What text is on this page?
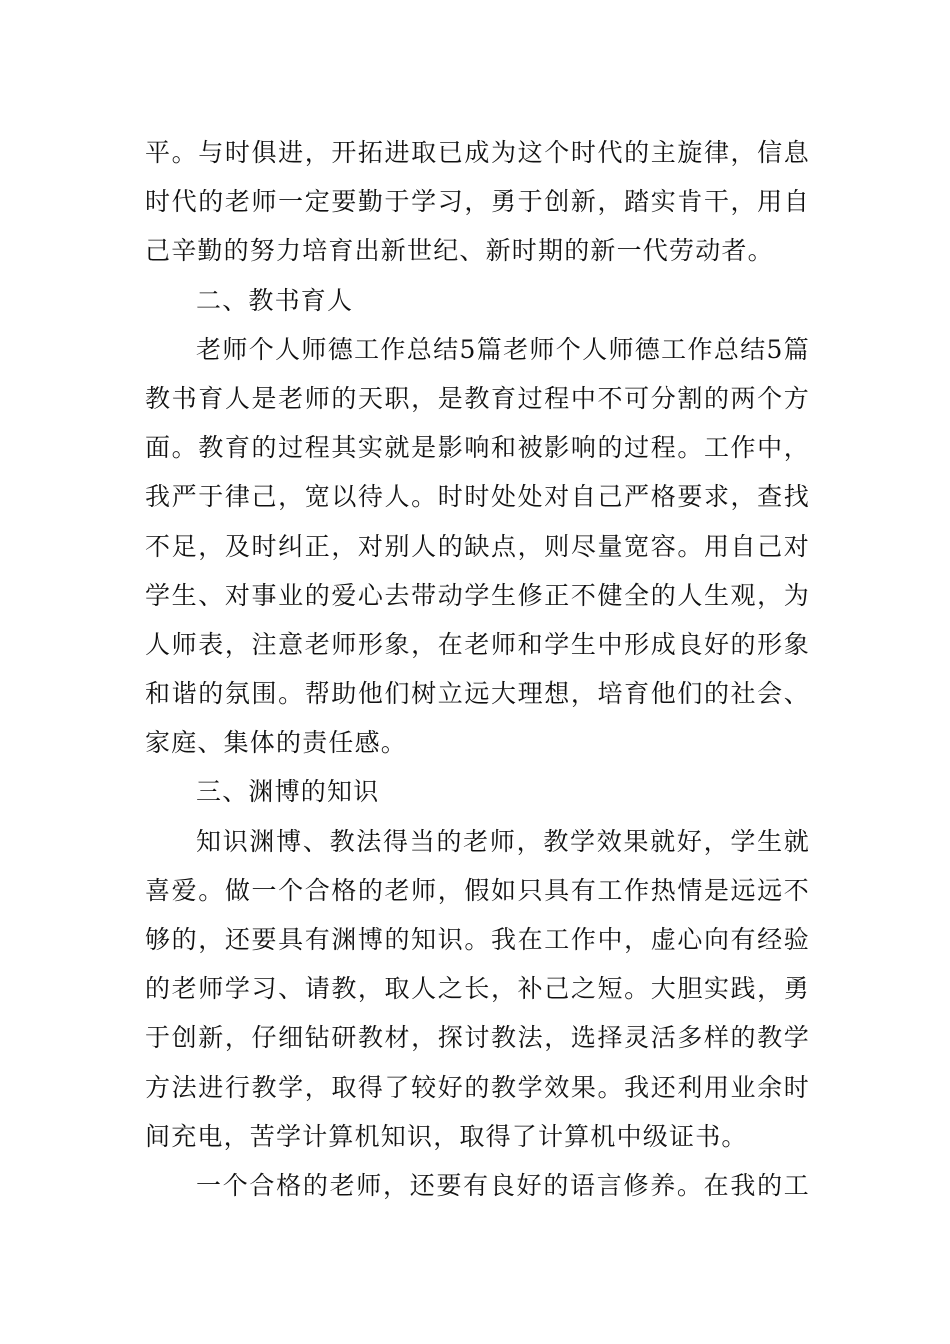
平。与时俱进，开拓进取已成为这个时代的主旋律，信息
时代的老师一定要勤于学习，勇于创新，踏实肯干，用自
己辛勤的努力培育出新世纪、新时期的新一代劳动者。
二、教书育人
老师个人师德工作总结5篇老师个人师德工作总结5篇
教书育人是老师的天职，是教育过程中不可分割的两个方
面。教育的过程其实就是影响和被影响的过程。工作中，
我严于律己，宽以待人。时时处处对自己严格要求，查找
不足，及时纠正，对别人的缺点，则尽量宽容。用自己对
学生、对事业的爱心去带动学生修正不健全的人生观，为
人师表，注意老师形象，在老师和学生中形成良好的形象
和谐的氛围。帮助他们树立远大理想，培育他们的社会、
家庭、集体的责任感。
三、渊博的知识
知识渊博、教法得当的老师，教学效果就好，学生就
喜爱。做一个合格的老师，假如只具有工作热情是远远不
够的，还要具有渊博的知识。我在工作中，虚心向有经验
的老师学习、请教，取人之长，补己之短。大胆实践，勇
于创新，仔细钻研教材，探讨教法，选择灵活多样的教学
方法进行教学，取得了较好的教学效果。我还利用业余时
间充电，苦学计算机知识，取得了计算机中级证书。
一个合格的老师，还要有良好的语言修养。在我的工
